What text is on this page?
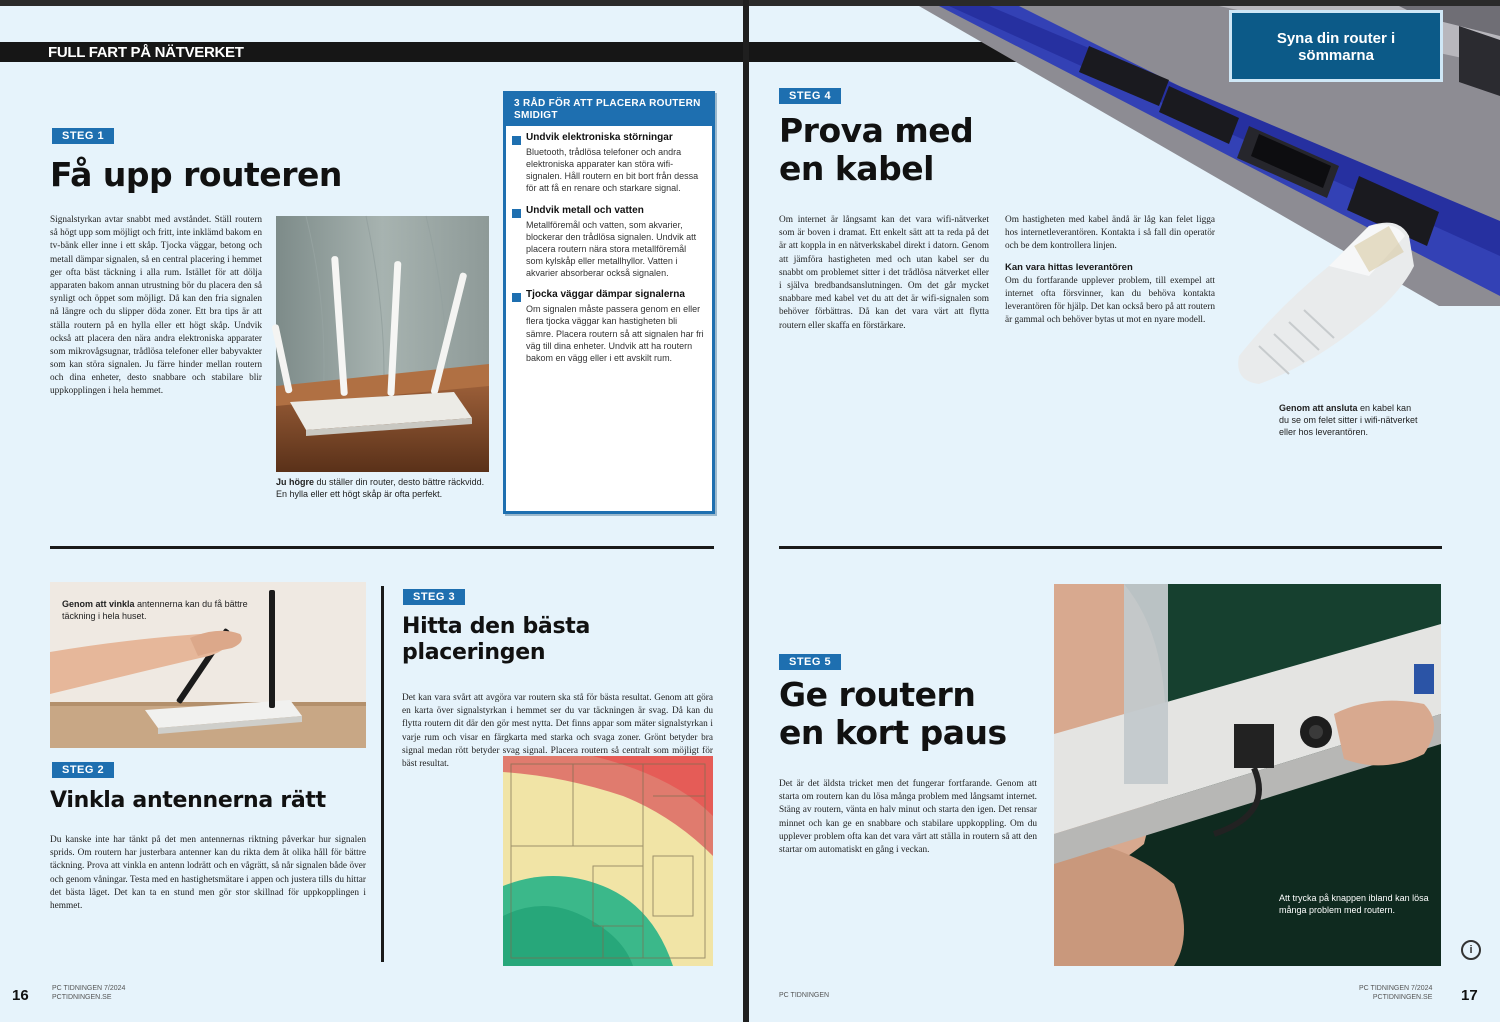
FULL FART PÅ NÄTVERKET
STEG 1
Få upp routeren
Signalstyrkan avtar snabbt med avståndet. Ställ routern så högt upp som möjligt och fritt, inte inklämd bakom en tv-bänk eller inne i ett skåp. Tjocka väggar, betong och metall dämpar signalen, så en central placering i hemmet ger ofta bäst täckning i alla rum. Istället för att dölja apparaten bakom annan utrustning bör du placera den så synligt och öppet som möjligt. Då kan den fria signalen nå längre och du slipper döda zoner. Ett bra tips är att ställa routern på en hylla eller ett högt skåp. Undvik också att placera den nära andra elektroniska apparater som mikrovågsugnar, trådlösa telefoner eller babyvakter som kan störa signalen. Ju färre hinder mellan routern och dina enheter, desto snabbare och stabilare blir uppkopplingen i hela hemmet.
Ju högre du ställer din router, desto bättre räckvidd. En hylla eller ett högt skåp är ofta perfekt.
3 RÅD FÖR ATT PLACERA ROUTERN SMIDIGT
Undvik elektroniska störningar
Bluetooth, trådlösa telefoner och andra elektroniska apparater kan störa wifi-signalen. Håll routern en bit bort från dessa för att få en renare och starkare signal.
Undvik metall och vatten
Metallföremål och vatten, som akvarier, blockerar den trådlösa signalen. Undvik att placera routern nära stora metallföremål som kylskåp eller metallhyllor. Vatten i akvarier absorberar också signalen.
Tjocka väggar dämpar signalerna
Om signalen måste passera genom en eller flera tjocka väggar kan hastigheten bli sämre. Placera routern så att signalen har fri väg till dina enheter. Undvik att ha routern bakom en vägg eller i ett avskilt rum.
Genom att vinkla antennerna kan du få bättre täckning i hela huset.
STEG 2
Vinkla antennerna rätt
Du kanske inte har tänkt på det men antennernas riktning påverkar hur signalen sprids. Om routern har justerbara antenner kan du rikta dem åt olika håll för bättre täckning. Prova att vinkla en antenn lodrätt och en vågrätt, så når signalen både över och genom våningar. Testa med en hastighetsmätare i appen och justera tills du hittar det bästa läget. Det kan ta en stund men gör stor skillnad för uppkopplingen i hemmet.
STEG 3
Hitta den bästa placeringen
Det kan vara svårt att avgöra var routern ska stå för bästa resultat. Genom att göra en karta över signalstyrkan i hemmet ser du var täckningen är svag. Då kan du flytta routern dit där den gör mest nytta. Det finns appar som mäter signalstyrkan i varje rum och visar en färgkarta med starka och svaga zoner. Grönt betyder bra signal medan rött betyder svag signal. Placera routern så centralt som möjligt för bäst resultat.
16	PC TIDNINGEN 7/2024
PCTIDNINGEN.SE
Syna din router i sömmarna
STEG 4
Prova med
en kabel
Om internet är långsamt kan det vara wifi-nätverket som är boven i dramat. Ett enkelt sätt att ta reda på det är att koppla in en nätverkskabel direkt i datorn. Genom att jämföra hastigheten med och utan kabel ser du snabbt om problemet sitter i det trådlösa nätverket eller i själva bredbandsanslutningen. Om det går mycket snabbare med kabel vet du att det är wifi-signalen som behöver förbättras. Då kan det vara värt att flytta routern eller skaffa en förstärkare.
Om hastigheten med kabel ändå är låg kan felet ligga hos internetleverantören. Kontakta i så fall din operatör och be dem kontrollera linjen.
Kan vara hittas leverantören
Om du fortfarande upplever problem, till exempel att internet ofta försvinner, kan du behöva kontakta leverantören för hjälp. Det kan också bero på att routern är gammal och behöver bytas ut mot en nyare modell.
Genom att ansluta en kabel kan du se om felet sitter i wifi-nätverket eller hos leverantören.
STEG 5
Ge routern
en kort paus
Det är det äldsta tricket men det fungerar fortfarande. Genom att starta om routern kan du lösa många problem med långsamt internet. Stäng av routern, vänta en halv minut och starta den igen. Det rensar minnet och kan ge en snabbare och stabilare uppkoppling. Om du upplever problem ofta kan det vara värt att ställa in routern så att den startar om automatiskt en gång i veckan.
Att trycka på knappen ibland kan lösa många problem med routern.
i
PC TIDNINGEN
PC TIDNINGEN 7/2024
PCTIDNINGEN.SE 17
